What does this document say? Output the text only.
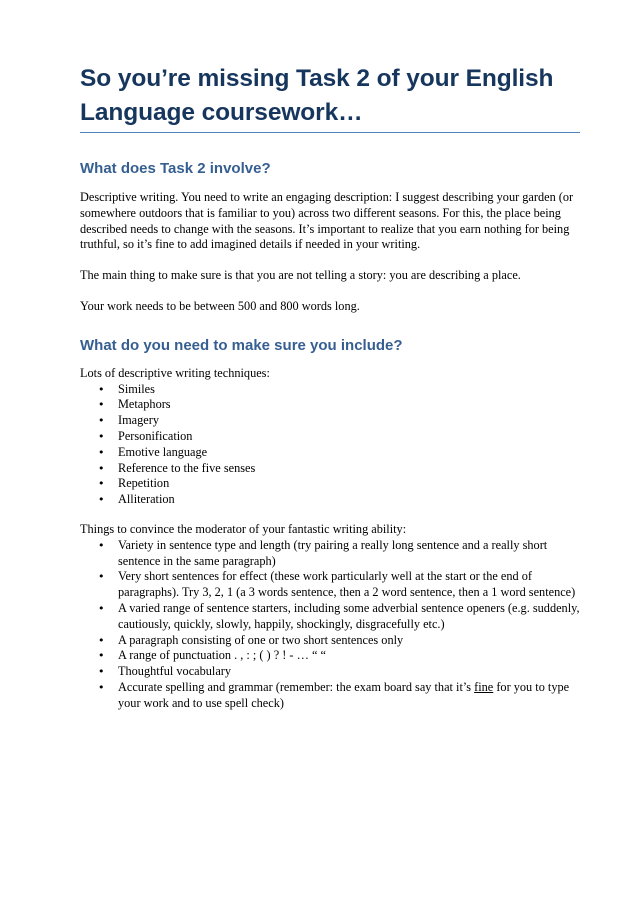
So you’re missing Task 2 of your English Language coursework…
What does Task 2 involve?

Descriptive writing. You need to write an engaging description: I suggest describing your garden (or somewhere outdoors that is familiar to you) across two different seasons. For this, the place being described needs to change with the seasons. It’s important to realize that you earn nothing for being truthful, so it’s fine to add imagined details if needed in your writing.

The main thing to make sure is that you are not telling a story: you are describing a place.

Your work needs to be between 500 and 800 words long.

What do you need to make sure you include?

Lots of descriptive writing techniques:

• Similes
• Metaphors
• Imagery
• Personification
• Emotive language
• Reference to the five senses
• Repetition
• Alliteration

Things to convince the moderator of your fantastic writing ability:

• Variety in sentence type and length (try pairing a really long sentence and a really short sentence in the same paragraph)
• Very short sentences for effect (these work particularly well at the start or the end of paragraphs). Try 3, 2, 1 (a 3 words sentence, then a 2 word sentence, then a 1 word sentence)
• A varied range of sentence starters, including some adverbial sentence openers (e.g. suddenly, cautiously, quickly, slowly, happily, shockingly, disgracefully etc.)
• A paragraph consisting of one or two short sentences only
• A range of punctuation . , : ; ( ) ? ! - … “ “
• Thoughtful vocabulary
• Accurate spelling and grammar (remember: the exam board say that it’s fine for you to type your work and to use spell check)
